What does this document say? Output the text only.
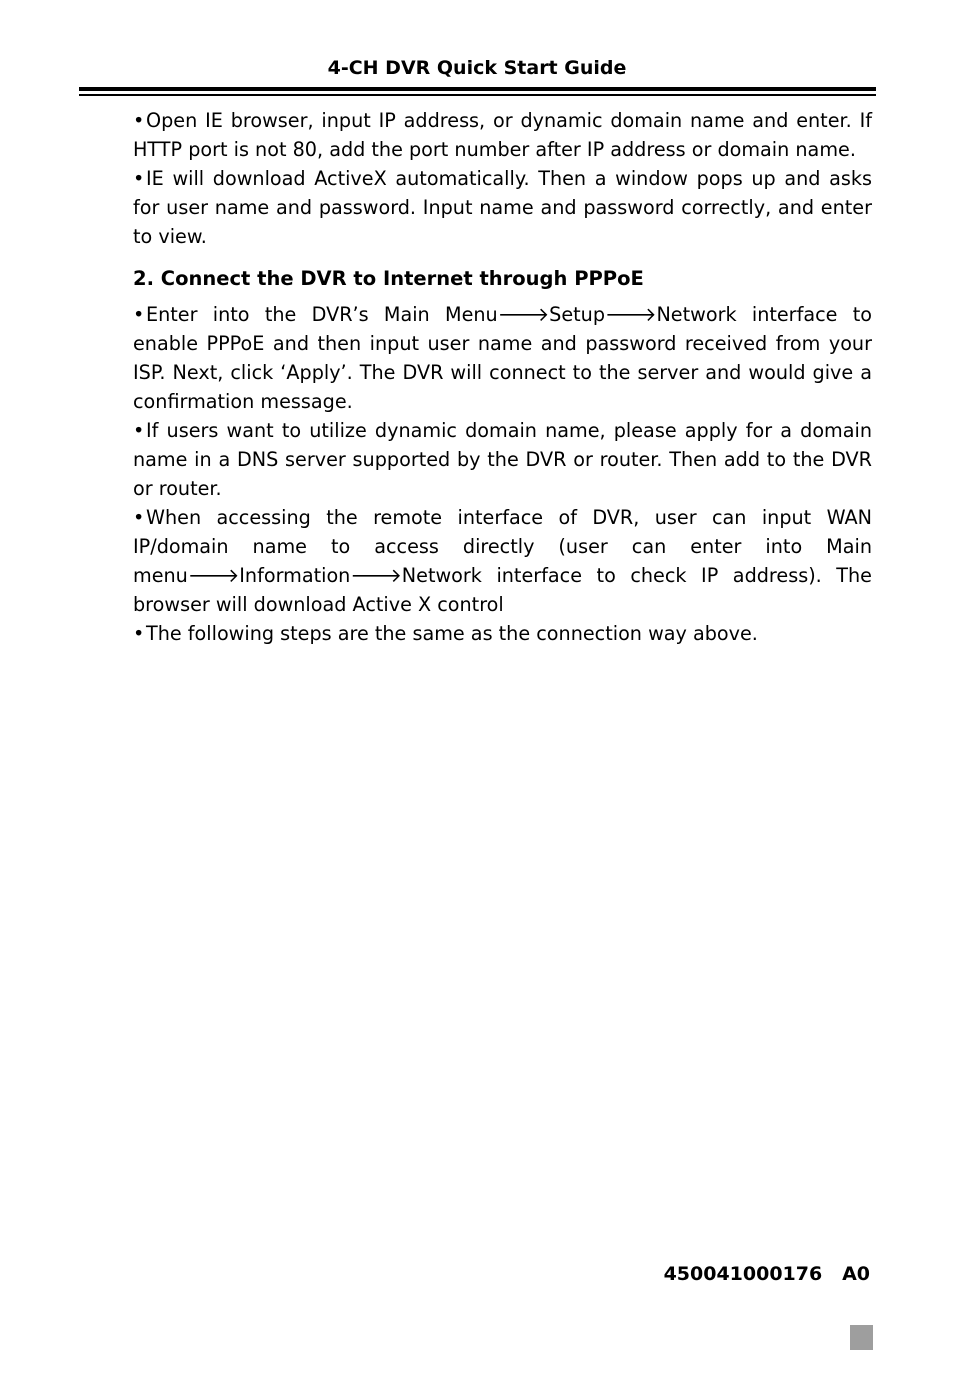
4-CH DVR Quick Start Guide

•Open IE browser, input IP address, or dynamic domain name and enter. If HTTP port is not 80, add the port number after IP address or domain name.

•IE will download ActiveX automatically. Then a window pops up and asks for user name and password. Input name and password correctly, and enter to view.

2. Connect the DVR to Internet through PPPoE

•Enter into the DVR’s Main Menu🡒Setup🡒Network interface to enable PPPoE and then input user name and password received from your ISP. Next, click ‘Apply’. The DVR will connect to the server and would give a confirmation message.

•If users want to utilize dynamic domain name, please apply for a domain name in a DNS server supported by the DVR or router. Then add to the DVR or router.

•When accessing the remote interface of DVR, user can input WAN IP/domain name to access directly (user can enter into Main menu🡒Information🡒Network interface to check IP address). The browser will download Active X control

•The following steps are the same as the connection way above.

450041000176   A0
